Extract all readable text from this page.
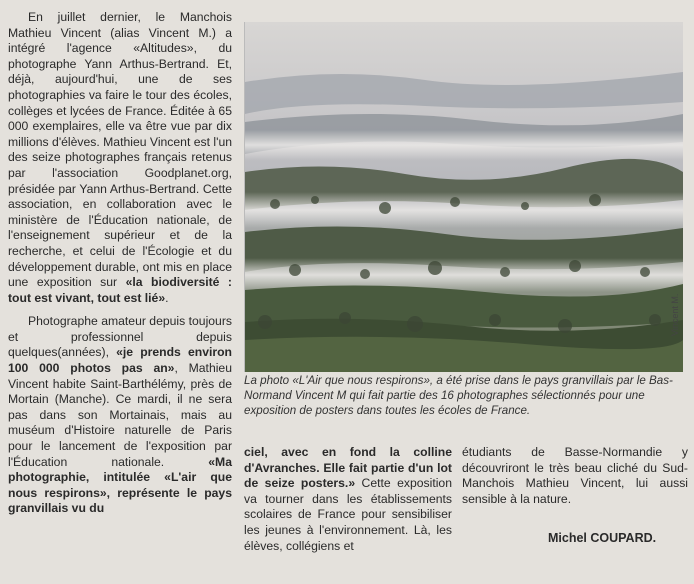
En juillet dernier, le Manchois Mathieu Vincent (alias Vincent M.) a intégré l'agence «Altitudes», du photographe Yann Arthus-Bertrand. Et, déjà, aujourd'hui, une de ses photographies va faire le tour des écoles, collèges et lycées de France. Éditée à 65 000 exemplaires, elle va être vue par dix millions d'élèves. Mathieu Vincent est l'un des seize photographes français retenus par l'association Goodplanet.org, présidée par Yann Arthus-Bertrand. Cette association, en collaboration avec le ministère de l'Éducation nationale, de l'enseignement supérieur et de la recherche, et celui de l'Écologie et du développement durable, ont mis en place une exposition sur «la biodiversité : tout est vivant, tout est lié».

Photographe amateur depuis toujours et professionnel depuis quelques(années), «je prends environ 100 000 photos pas an», Mathieu Vincent habite Saint-Barthélémy, près de Mortain (Manche). Ce mardi, il ne sera pas dans son Mortainais, mais au muséum d'Histoire naturelle de Paris pour le lancement de l'exposition par l'Éducation nationale. «Ma photographie, intitulée «L'air que nous respirons», représente le pays granvillais vu du

Vincent M.
La photo «L'Air que nous respirons», a été prise dans le pays granvillais par le Bas-Normand Vincent M qui fait partie des 16 photographes sélectionnés pour une exposition de posters dans toutes les écoles de France.

ciel, avec en fond la colline d'Avranches. Elle fait partie d'un lot de seize posters.» Cette exposition va tourner dans les établissements scolaires de France pour sensibiliser les jeunes à l'environnement. Là, les élèves, collégiens et

étudiants de Basse-Normandie y découvriront le très beau cliché du Sud-Manchois Mathieu Vincent, lui aussi sensible à la nature.

Michel COUPARD.
